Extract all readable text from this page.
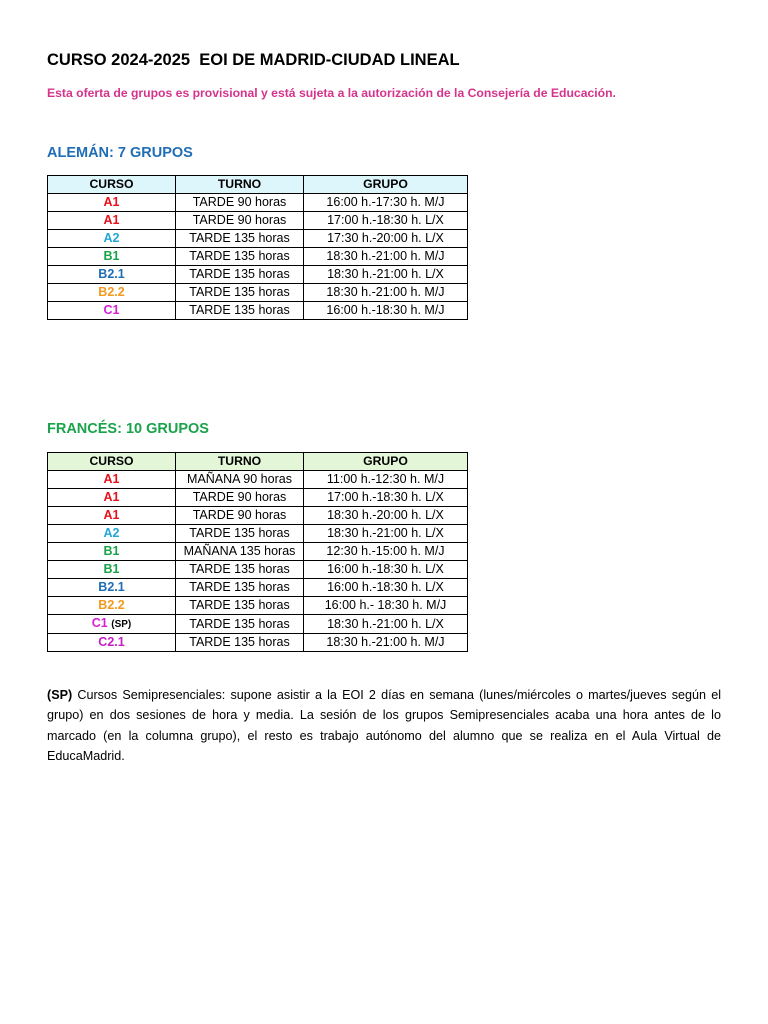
CURSO 2024-2025  EOI DE MADRID-CIUDAD LINEAL

Esta oferta de grupos es provisional y está sujeta a la autorización de la Consejería de Educación.

ALEMÁN: 7 GRUPOS
CURSO	TURNO	GRUPO
A1	TARDE 90 horas	16:00 h.-17:30 h. M/J
A1	TARDE 90 horas	17:00 h.-18:30 h. L/X
A2	TARDE 135 horas	17:30 h.-20:00 h. L/X
B1	TARDE 135 horas	18:30 h.-21:00 h. M/J
B2.1	TARDE 135 horas	18:30 h.-21:00 h. L/X
B2.2	TARDE 135 horas	18:30 h.-21:00 h. M/J
C1	TARDE 135 horas	16:00 h.-18:30 h. M/J
FRANCÉS: 10 GRUPOS
CURSO	TURNO	GRUPO
A1	MAÑANA 90 horas	11:00 h.-12:30 h. M/J
A1	TARDE 90 horas	17:00 h.-18:30 h. L/X
A1	TARDE 90 horas	18:30 h.-20:00 h. L/X
A2	TARDE 135 horas	18:30 h.-21:00 h. L/X
B1	MAÑANA 135 horas	12:30 h.-15:00 h. M/J
B1	TARDE 135 horas	16:00 h.-18:30 h. L/X
B2.1	TARDE 135 horas	16:00 h.-18:30 h. L/X
B2.2	TARDE 135 horas	16:00 h.- 18:30 h. M/J
C1 (SP)	TARDE 135 horas	18:30 h.-21:00 h. L/X
C2.1	TARDE 135 horas	18:30 h.-21:00 h. M/J

(SP) Cursos Semipresenciales: supone asistir a la EOI 2 días en semana (lunes/miércoles o martes/jueves según el grupo) en dos sesiones de hora y media. La sesión de los grupos Semipresenciales acaba una hora antes de lo marcado (en la columna grupo), el resto es trabajo autónomo del alumno que se realiza en el Aula Virtual de EducaMadrid.
